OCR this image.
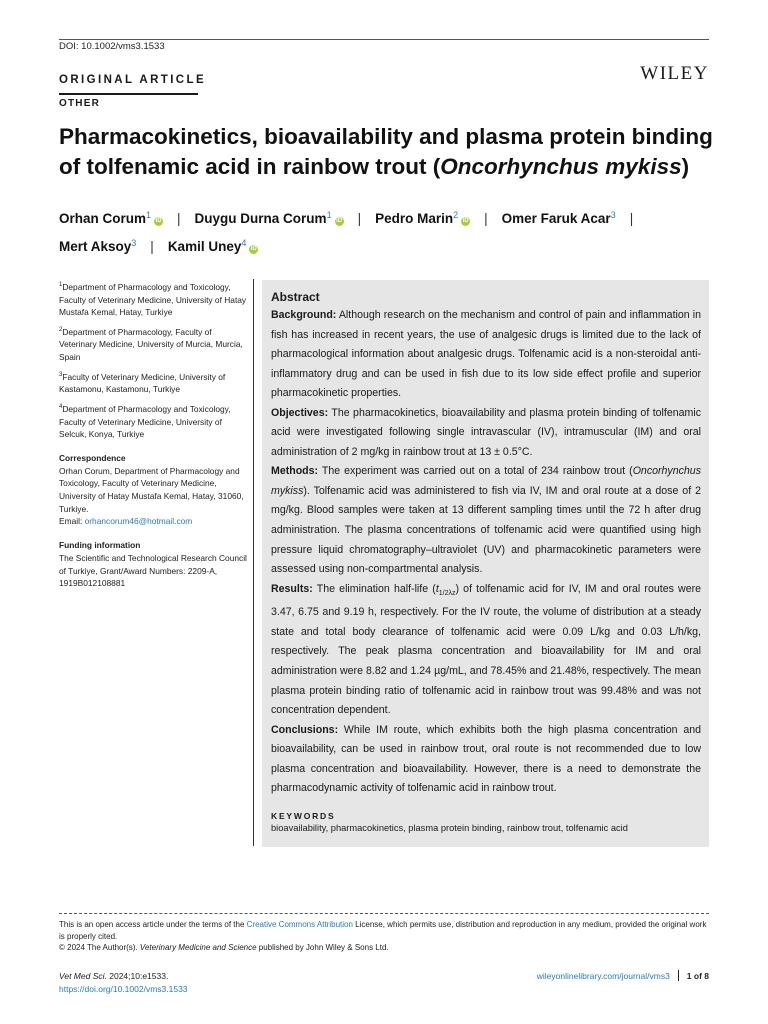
DOI: 10.1002/vms3.1533
ORIGINAL ARTICLE
OTHER
WILEY
Pharmacokinetics, bioavailability and plasma protein binding of tolfenamic acid in rainbow trout (Oncorhynchus mykiss)
Orhan Corum$^1$iD | Duygu Durna Corum$^1$iD | Pedro Marin$^2$iD | Omer Faruk Acar$^3$ |
Mert Aksoy$^3$ | Kamil Uney$^4$iD
$^1$Department of Pharmacology and Toxicology, Faculty of Veterinary Medicine, University of Hatay Mustafa Kemal, Hatay, Turkiye
$^2$Department of Pharmacology, Faculty of Veterinary Medicine, University of Murcia, Murcia, Spain
$^3$Faculty of Veterinary Medicine, University of Kastamonu, Kastamonu, Turkiye
$^4$Department of Pharmacology and Toxicology, Faculty of Veterinary Medicine, University of Selcuk, Konya, Turkiye
Correspondence
Orhan Corum, Department of Pharmacology and Toxicology, Faculty of Veterinary Medicine, University of Hatay Mustafa Kemal, Hatay, 31060, Turkiye.
Email: orhancorum46@hotmail.com
Funding information
The Scientific and Technological Research Council of Turkiye, Grant/Award Numbers: 2209-A, 1919B012108881
Abstract
Background: Although research on the mechanism and control of pain and inflammation in fish has increased in recent years, the use of analgesic drugs is limited due to the lack of pharmacological information about analgesic drugs. Tolfenamic acid is a non-steroidal anti-inflammatory drug and can be used in fish due to its low side effect profile and superior pharmacokinetic properties.
Objectives: The pharmacokinetics, bioavailability and plasma protein binding of tolfenamic acid were investigated following single intravascular (IV), intramuscular (IM) and oral administration of 2 mg/kg in rainbow trout at 13 ± 0.5°C.
Methods: The experiment was carried out on a total of 234 rainbow trout (Oncorhynchus mykiss). Tolfenamic acid was administered to fish via IV, IM and oral route at a dose of 2 mg/kg. Blood samples were taken at 13 different sampling times until the 72 h after drug administration. The plasma concentrations of tolfenamic acid were quantified using high pressure liquid chromatography–ultraviolet (UV) and pharmacokinetic parameters were assessed using non-compartmental analysis.
Results: The elimination half-life $(t_{1/2\lambda z})$ of tolfenamic acid for IV, IM and oral routes were 3.47, 6.75 and 9.19 h, respectively. For the IV route, the volume of distribution at a steady state and total body clearance of tolfenamic acid were 0.09 L/kg and 0.03 L/h/kg, respectively. The peak plasma concentration and bioavailability for IM and oral administration were 8.82 and 1.24 µg/mL, and 78.45% and 21.48%, respectively. The mean plasma protein binding ratio of tolfenamic acid in rainbow trout was 99.48% and was not concentration dependent.
Conclusions: While IM route, which exhibits both the high plasma concentration and bioavailability, can be used in rainbow trout, oral route is not recommended due to low plasma concentration and bioavailability. However, there is a need to demonstrate the pharmacodynamic activity of tolfenamic acid in rainbow trout.
KEYWORDS
bioavailability, pharmacokinetics, plasma protein binding, rainbow trout, tolfenamic acid
This is an open access article under the terms of the Creative Commons Attribution License, which permits use, distribution and reproduction in any medium, provided the original work is properly cited.
© 2024 The Author(s). Veterinary Medicine and Science published by John Wiley & Sons Ltd.
Vet Med Sci. 2024;10:e1533.
https://doi.org/10.1002/vms3.1533
wileyonlinelibrary.com/journal/vms3 1 of 8
